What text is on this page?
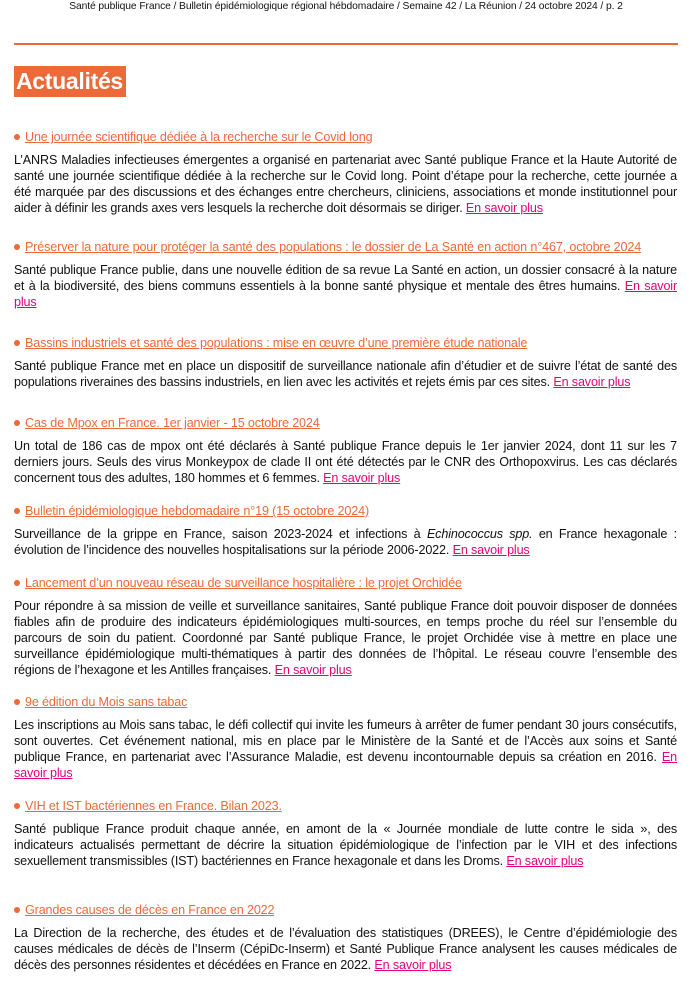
Santé publique France / Bulletin épidémiologique régional hébdomadaire / Semaine 42 / La Réunion / 24 octobre 2024 / p. 2
Actualités

Une journée scientifique dédiée à la recherche sur le Covid long

L’ANRS Maladies infectieuses émergentes a organisé en partenariat avec Santé publique France et la Haute Autorité de santé une journée scientifique dédiée à la recherche sur le Covid long. Point d’étape pour la recherche, cette journée a été marquée par des discussions et des échanges entre chercheurs, cliniciens, associations et monde institutionnel pour aider à définir les grands axes vers lesquels la recherche doit désormais se diriger. En savoir plus

Préserver la nature pour protéger la santé des populations : le dossier de La Santé en action n°467, octobre 2024

Santé publique France publie, dans une nouvelle édition de sa revue La Santé en action, un dossier consacré à la nature et à la biodiversité, des biens communs essentiels à la bonne santé physique et mentale des êtres humains. En savoir plus

Bassins industriels et santé des populations : mise en œuvre d’une première étude nationale

Santé publique France met en place un dispositif de surveillance nationale afin d’étudier et de suivre l’état de santé des populations riveraines des bassins industriels, en lien avec les activités et rejets émis par ces sites. En savoir plus

Cas de Mpox en France. 1er janvier - 15 octobre 2024

Un total de 186 cas de mpox ont été déclarés à Santé publique France depuis le 1er janvier 2024, dont 11 sur les 7 derniers jours. Seuls des virus Monkeypox de clade II ont été détectés par le CNR des Orthopoxvirus. Les cas déclarés concernent tous des adultes, 180 hommes et 6 femmes. En savoir plus

Bulletin épidémiologique hebdomadaire n°19 (15 octobre 2024)

Surveillance de la grippe en France, saison 2023-2024 et infections à Echinococcus spp. en France hexagonale : évolution de l’incidence des nouvelles hospitalisations sur la période 2006-2022. En savoir plus

Lancement d’un nouveau réseau de surveillance hospitalière : le projet Orchidée

Pour répondre à sa mission de veille et surveillance sanitaires, Santé publique France doit pouvoir disposer de données fiables afin de produire des indicateurs épidémiologiques multi-sources, en temps proche du réel sur l’ensemble du parcours de soin du patient. Coordonné par Santé publique France, le projet Orchidée vise à mettre en place une surveillance épidémiologique multi-thématiques à partir des données de l’hôpital. Le réseau couvre l’ensemble des régions de l’hexagone et les Antilles françaises. En savoir plus

9e édition du Mois sans tabac

Les inscriptions au Mois sans tabac, le défi collectif qui invite les fumeurs à arrêter de fumer pendant 30 jours consécutifs, sont ouvertes. Cet événement national, mis en place par le Ministère de la Santé et de l’Accès aux soins et Santé publique France, en partenariat avec l’Assurance Maladie, est devenu incontournable depuis sa création en 2016. En savoir plus

VIH et IST bactériennes en France. Bilan 2023.

Santé publique France produit chaque année, en amont de la « Journée mondiale de lutte contre le sida », des indicateurs actualisés permettant de décrire la situation épidémiologique de l’infection par le VIH et des infections sexuellement transmissibles (IST) bactériennes en France hexagonale et dans les Droms. En savoir plus

Grandes causes de décès en France en 2022

La Direction de la recherche, des études et de l’évaluation des statistiques (DREES), le Centre d’épidémiologie des causes médicales de décès de l’Inserm (CépiDc-Inserm) et Santé Publique France analysent les causes médicales de décès des personnes résidentes et décédées en France en 2022. En savoir plus
